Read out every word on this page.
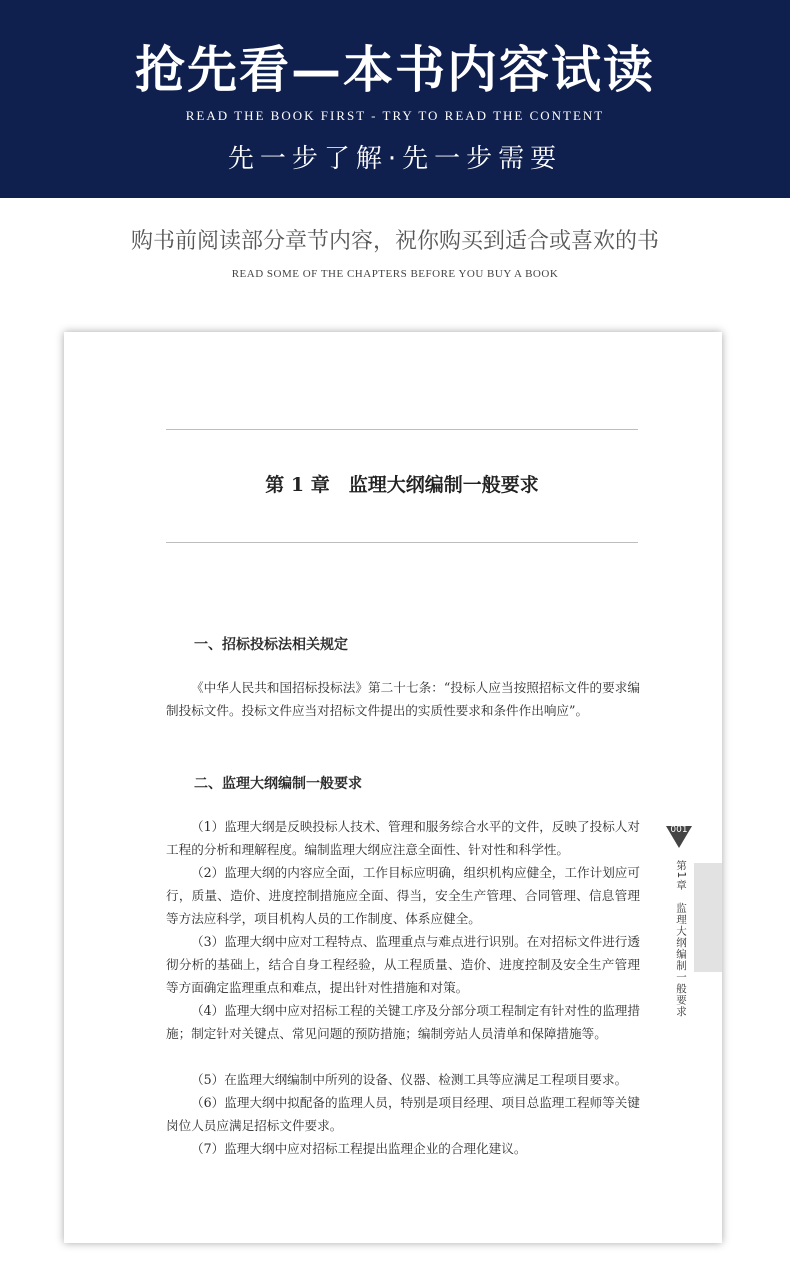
抢先看—本书内容试读
READ THE BOOK FIRST - TRY TO READ THE CONTENT
先一步了解·先一步需要
购书前阅读部分章节内容，祝你购买到适合或喜欢的书
READ SOME OF THE CHAPTERS BEFORE YOU BUY A BOOK
第 1 章　监理大纲编制一般要求
一、招标投标法相关规定

《中华人民共和国招标投标法》第二十七条：“投标人应当按照招标文件的要求编制投标文件。投标文件应当对招标文件提出的实质性要求和条件作出响应”。

二、监理大纲编制一般要求

（1）监理大纲是反映投标人技术、管理和服务综合水平的文件，反映了投标人对工程的分析和理解程度。编制监理大纲应注意全面性、针对性和科学性。

（2）监理大纲的内容应全面，工作目标应明确，组织机构应健全，工作计划应可行，质量、造价、进度控制措施应全面、得当，安全生产管理、合同管理、信息管理等方法应科学，项目机构人员的工作制度、体系应健全。

（3）监理大纲中应对工程特点、监理重点与难点进行识别。在对招标文件进行透彻分析的基础上，结合自身工程经验，从工程质量、造价、进度控制及安全生产管理等方面确定监理重点和难点，提出针对性措施和对策。

（4）监理大纲中应对招标工程的关键工序及分部分项工程制定有针对性的监理措施；制定针对关键点、常见问题的预防措施；编制旁站人员清单和保障措施等。

（5）在监理大纲编制中所列的设备、仪器、检测工具等应满足工程项目要求。

（6）监理大纲中拟配备的监理人员，特别是项目经理、项目总监理工程师等关键岗位人员应满足招标文件要求。

（7）监理大纲中应对招标工程提出监理企业的合理化建议。

001
第1章　监理大纲编制一般要求
